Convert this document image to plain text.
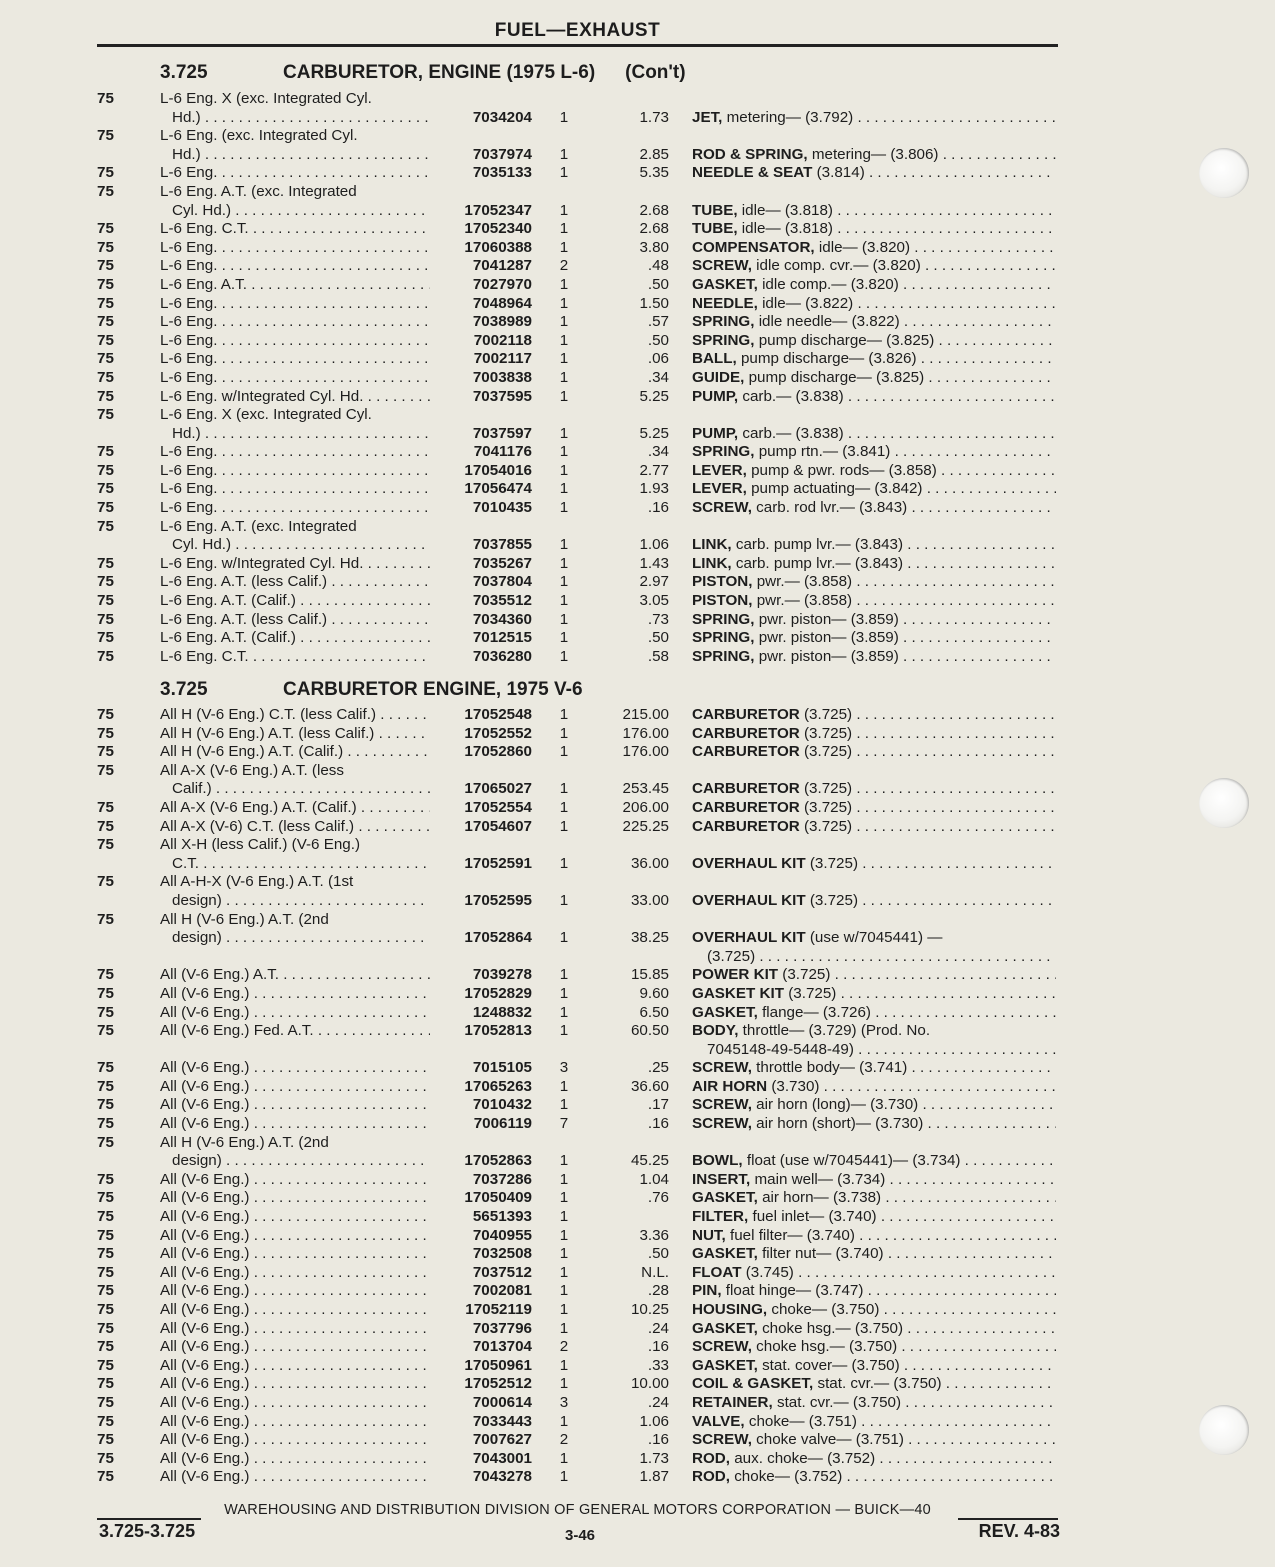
FUEL—EXHAUST
3.725	CARBURETOR, ENGINE (1975 L-6) (Con't)
75	L-6 Eng. X (exc. Integrated Cyl.
Hd.) . . .	7034204	1	1.73 JET, metering— (3.792) . . .
75	L-6 Eng. (exc. Integrated Cyl.
Hd.) . . .	7037974	1	2.85 ROD & SPRING, metering— (3.806) . . .
75	L-6 Eng. . . .	7035133	1	5.35 NEEDLE & SEAT (3.814) . . .
75	L-6 Eng. A.T. (exc. Integrated
Cyl. Hd.) . . .	17052347	1	2.68 TUBE, idle— (3.818) . . .
75	L-6 Eng. C.T. . . .	17052340	1	2.68 TUBE, idle— (3.818) . . .
75	L-6 Eng. . . .	17060388	1	3.80 COMPENSATOR, idle— (3.820) . . .
75	L-6 Eng. . . .	7041287	2	.48 SCREW, idle comp. cvr.— (3.820) . . .
75	L-6 Eng. A.T. . . .	7027970	1	.50 GASKET, idle comp.— (3.820) . . .
75	L-6 Eng. . . .	7048964	1	1.50 NEEDLE, idle— (3.822) . . .
75	L-6 Eng. . . .	7038989	1	.57 SPRING, idle needle— (3.822) . . .
75	L-6 Eng. . . .	7002118	1	.50 SPRING, pump discharge— (3.825) . . .
75	L-6 Eng. . . .	7002117	1	.06 BALL, pump discharge— (3.826) . . .
75	L-6 Eng. . . .	7003838	1	.34 GUIDE, pump discharge— (3.825) . . .
75	L-6 Eng. w/Integrated Cyl. Hd. . . .	7037595	1	5.25 PUMP, carb.— (3.838) . . .
75	L-6 Eng. X (exc. Integrated Cyl.
Hd.) . . .	7037597	1	5.25 PUMP, carb.— (3.838) . . .
75	L-6 Eng. . . .	7041176	1	.34 SPRING, pump rtn.— (3.841) . . .
75	L-6 Eng. . . .	17054016	1	2.77 LEVER, pump & pwr. rods— (3.858) . . .
75	L-6 Eng. . . .	17056474	1	1.93 LEVER, pump actuating— (3.842) . . .
75	L-6 Eng. . . .	7010435	1	.16 SCREW, carb. rod lvr.— (3.843) . . .
75	L-6 Eng. A.T. (exc. Integrated
Cyl. Hd.) . . .	7037855	1	1.06 LINK, carb. pump lvr.— (3.843) . . .
75	L-6 Eng. w/Integrated Cyl. Hd. . . .	7035267	1	1.43 LINK, carb. pump lvr.— (3.843) . . .
75	L-6 Eng. A.T. (less Calif.) . . .	7037804	1	2.97 PISTON, pwr.— (3.858) . . .
75	L-6 Eng. A.T. (Calif.) . . .	7035512	1	3.05 PISTON, pwr.— (3.858) . . .
75	L-6 Eng. A.T. (less Calif.) . . .	7034360	1	.73 SPRING, pwr. piston— (3.859) . . .
75	L-6 Eng. A.T. (Calif.) . . .	7012515	1	.50 SPRING, pwr. piston— (3.859) . . .
75	L-6 Eng. C.T. . . .	7036280	1	.58 SPRING, pwr. piston— (3.859) . . .
3.725	CARBURETOR ENGINE, 1975 V-6
75	All H (V-6 Eng.) C.T. (less Calif.) . . .	17052548	1	215.00 CARBURETOR (3.725) . . .
75	All H (V-6 Eng.) A.T. (less Calif.) . . .	17052552	1	176.00 CARBURETOR (3.725) . . .
75	All H (V-6 Eng.) A.T. (Calif.) . . .	17052860	1	176.00 CARBURETOR (3.725) . . .
75	All A-X (V-6 Eng.) A.T. (less
Calif.) . . .	17065027	1	253.45 CARBURETOR (3.725) . . .
75	All A-X (V-6 Eng.) A.T. (Calif.) . . .	17052554	1	206.00 CARBURETOR (3.725) . . .
75	All A-X (V-6) C.T. (less Calif.) . . .	17054607	1	225.25 CARBURETOR (3.725) . . .
75	All X-H (less Calif.) (V-6 Eng.)
C.T. . . .	17052591	1	36.00 OVERHAUL KIT (3.725) . . .
75	All A-H-X (V-6 Eng.) A.T. (1st
design) . . .	17052595	1	33.00 OVERHAUL KIT (3.725) . . .
75	All H (V-6 Eng.) A.T. (2nd
design) . . .	17052864	1	38.25 OVERHAUL KIT (use w/7045441) —
(3.725) . . .
75	All (V-6 Eng.) A.T. . . .	7039278	1	15.85 POWER KIT (3.725) . . .
75	All (V-6 Eng.) . . .	17052829	1	9.60 GASKET KIT (3.725) . . .
75	All (V-6 Eng.) . . .	1248832	1	6.50 GASKET, flange— (3.726) . . .
75	All (V-6 Eng.) Fed. A.T. . . .	17052813	1	60.50 BODY, throttle— (3.729) (Prod. No.
7045148-49-5448-49) . . .
75	All (V-6 Eng.) . . .	7015105	3	.25 SCREW, throttle body— (3.741) . . .
75	All (V-6 Eng.) . . .	17065263	1	36.60 AIR HORN (3.730) . . .
75	All (V-6 Eng.) . . .	7010432	1	.17 SCREW, air horn (long)— (3.730) . . .
75	All (V-6 Eng.) . . .	7006119	7	.16 SCREW, air horn (short)— (3.730) . . .
75	All H (V-6 Eng.) A.T. (2nd
design) . . .	17052863	1	45.25 BOWL, float (use w/7045441)— (3.734) . . .
75	All (V-6 Eng.) . . .	7037286	1	1.04 INSERT, main well— (3.734) . . .
75	All (V-6 Eng.) . . .	17050409	1	.76 GASKET, air horn— (3.738) . . .
75	All (V-6 Eng.) . . .	5651393	1	FILTER, fuel inlet— (3.740) . . .
75	All (V-6 Eng.) . . .	7040955	1	3.36 NUT, fuel filter— (3.740) . . .
75	All (V-6 Eng.) . . .	7032508	1	.50 GASKET, filter nut— (3.740) . . .
75	All (V-6 Eng.) . . .	7037512	1	N.L. FLOAT (3.745) . . .
75	All (V-6 Eng.) . . .	7002081	1	.28 PIN, float hinge— (3.747) . . .
75	All (V-6 Eng.) . . .	17052119	1	10.25 HOUSING, choke— (3.750) . . .
75	All (V-6 Eng.) . . .	7037796	1	.24 GASKET, choke hsg.— (3.750) . . .
75	All (V-6 Eng.) . . .	7013704	2	.16 SCREW, choke hsg.— (3.750) . . .
75	All (V-6 Eng.) . . .	17050961	1	.33 GASKET, stat. cover— (3.750) . . .
75	All (V-6 Eng.) . . .	17052512	1	10.00 COIL & GASKET, stat. cvr.— (3.750) . . .
75	All (V-6 Eng.) . . .	7000614	3	.24 RETAINER, stat. cvr.— (3.750) . . .
75	All (V-6 Eng.) . . .	7033443	1	1.06 VALVE, choke— (3.751) . . .
75	All (V-6 Eng.) . . .	7007627	2	.16 SCREW, choke valve— (3.751) . . .
75	All (V-6 Eng.) . . .	7043001	1	1.73 ROD, aux. choke— (3.752) . . .
75	All (V-6 Eng.) . . .	7043278	1	1.87 ROD, choke— (3.752) . . .
WAREHOUSING AND DISTRIBUTION DIVISION OF GENERAL MOTORS CORPORATION — BUICK—40
3.725-3.725	3-46	REV. 4-83
